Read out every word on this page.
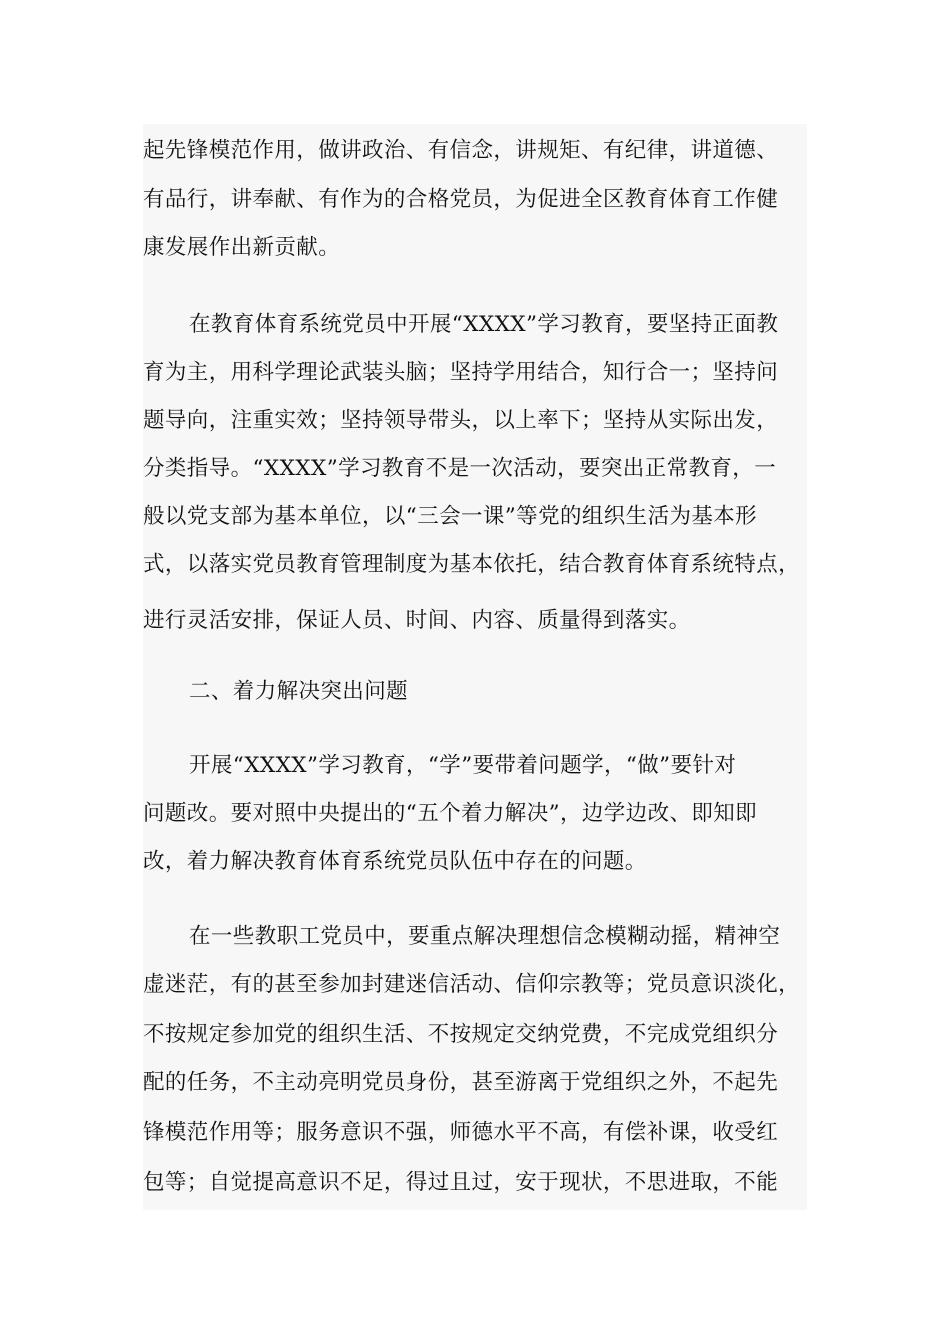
起先锋模范作用，做讲政治、有信念，讲规矩、有纪律，讲道德、
有品行，讲奉献、有作为的合格党员，为促进全区教育体育工作健
康发展作出新贡献。
在教育体育系统党员中开展“XXXX”学习教育，要坚持正面教
育为主，用科学理论武装头脑；坚持学用结合，知行合一；坚持问
题导向，注重实效；坚持领导带头，以上率下；坚持从实际出发，
分类指导。“XXXX”学习教育不是一次活动，要突出正常教育，一
般以党支部为基本单位，以“三会一课”等党的组织生活为基本形
式，以落实党员教育管理制度为基本依托，结合教育体育系统特点，
进行灵活安排，保证人员、时间、内容、质量得到落实。
二、着力解决突出问题
开展“XXXX”学习教育，“学”要带着问题学，“做”要针对
问题改。要对照中央提出的“五个着力解决”，边学边改、即知即
改，着力解决教育体育系统党员队伍中存在的问题。
在一些教职工党员中，要重点解决理想信念模糊动摇，精神空
虚迷茫，有的甚至参加封建迷信活动、信仰宗教等；党员意识淡化，
不按规定参加党的组织生活、不按规定交纳党费，不完成党组织分
配的任务，不主动亮明党员身份，甚至游离于党组织之外，不起先
锋模范作用等；服务意识不强，师德水平不高，有偿补课，收受红
包等；自觉提高意识不足，得过且过，安于现状，不思进取，不能
